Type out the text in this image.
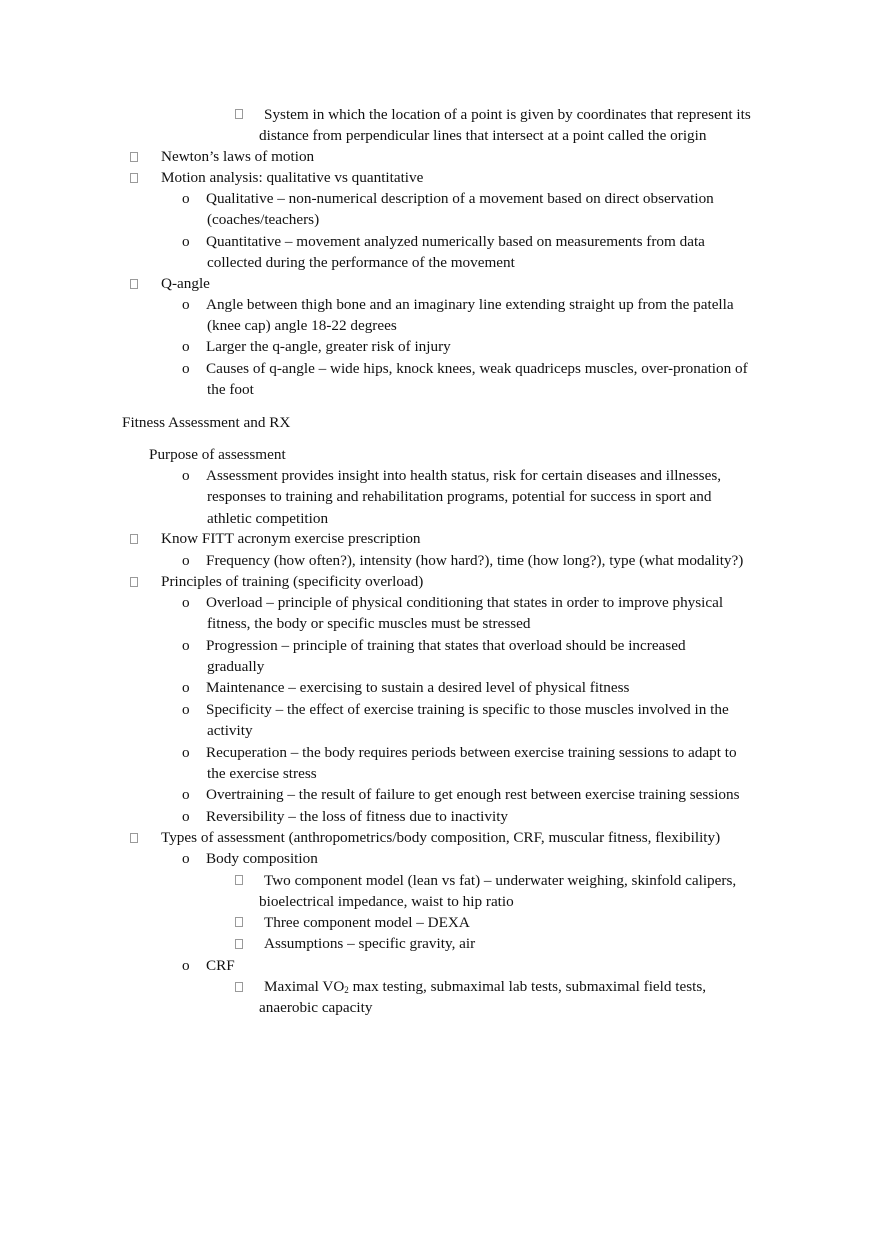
System in which the location of a point is given by coordinates that represent its
distance from perpendicular lines that intersect at a point called the origin
Newton’s laws of motion
Motion analysis: qualitative vs quantitative
o Qualitative – non-numerical description of a movement based on direct observation
(coaches/teachers)
o Quantitative – movement analyzed numerically based on measurements from data
collected during the performance of the movement
Q-angle
o Angle between thigh bone and an imaginary line extending straight up from the patella
(knee cap) angle 18-22 degrees
o Larger the q-angle, greater risk of injury
o Causes of q-angle – wide hips, knock knees, weak quadriceps muscles, over-pronation of
the foot
Fitness Assessment and RX
Purpose of assessment
o Assessment provides insight into health status, risk for certain diseases and illnesses,
responses to training and rehabilitation programs, potential for success in sport and
athletic competition
Know FITT acronym exercise prescription
o Frequency (how often?), intensity (how hard?), time (how long?), type (what modality?)
Principles of training (specificity overload)
o Overload – principle of physical conditioning that states in order to improve physical
fitness, the body or specific muscles must be stressed
o Progression – principle of training that states that overload should be increased
gradually
o Maintenance – exercising to sustain a desired level of physical fitness
o Specificity – the effect of exercise training is specific to those muscles involved in the
activity
o Recuperation – the body requires periods between exercise training sessions to adapt to
the exercise stress
o Overtraining – the result of failure to get enough rest between exercise training sessions
o Reversibility – the loss of fitness due to inactivity
Types of assessment (anthropometrics/body composition, CRF, muscular fitness, flexibility)
o Body composition
Two component model (lean vs fat) – underwater weighing, skinfold calipers,
bioelectrical impedance, waist to hip ratio
Three component model – DEXA
Assumptions – specific gravity, air
o CRF
Maximal $VO_2$ max testing, submaximal lab tests, submaximal field tests,
anaerobic capacity
